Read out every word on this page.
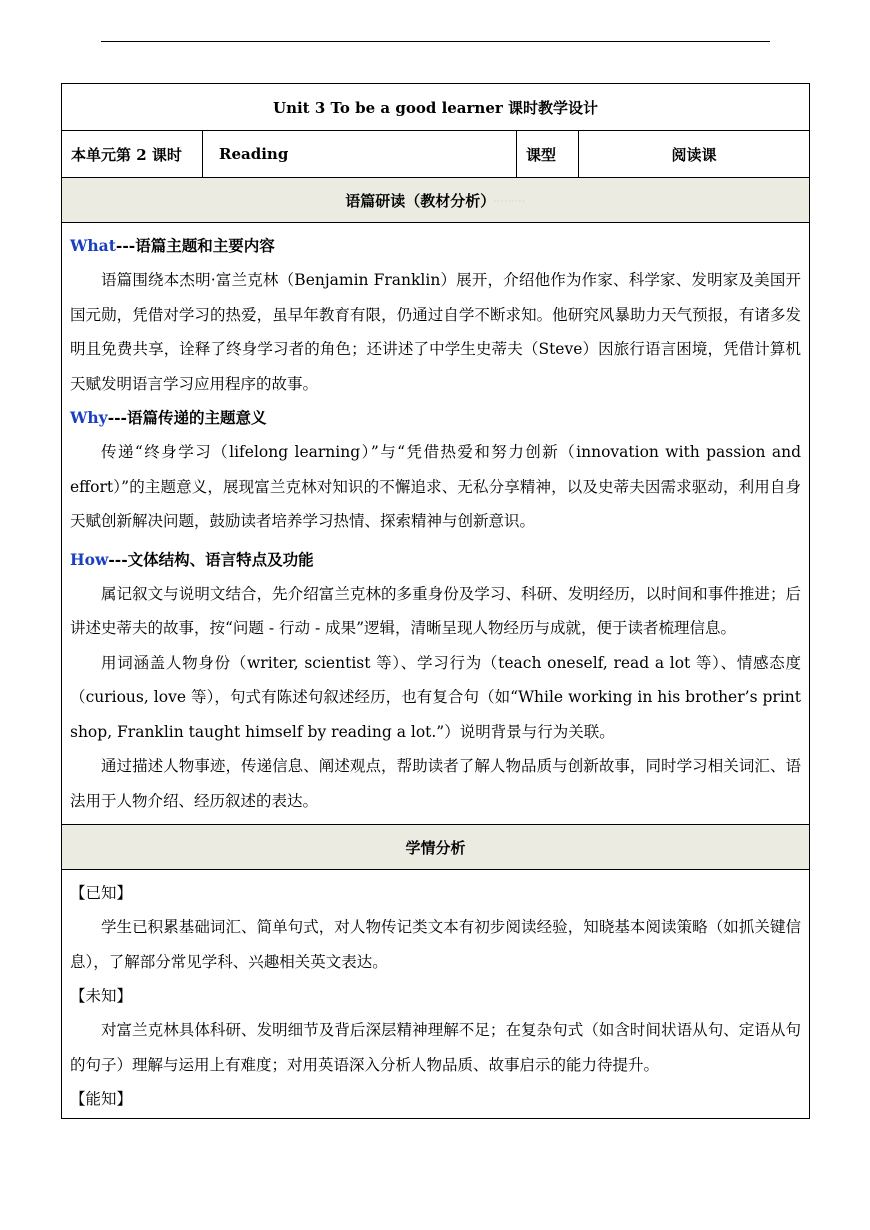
Unit 3 To be a good learner 课时教学设计
本单元第 2 课时	Reading	课型	阅读课
语篇研读（教材分析） ·········

What---语篇主题和主要内容

语篇围绕本杰明·富兰克林（Benjamin Franklin）展开，介绍他作为作家、科学家、发明家及美国开国元勋，凭借对学习的热爱，虽早年教育有限，仍通过自学不断求知。他研究风暴助力天气预报，有诸多发明且免费共享，诠释了终身学习者的角色；还讲述了中学生史蒂夫（Steve）因旅行语言困境，凭借计算机天赋发明语言学习应用程序的故事。

Why---语篇传递的主题意义

传递“终身学习（lifelong learning）”与“凭借热爱和努力创新（innovation with passion and effort）”的主题意义，展现富兰克林对知识的不懈追求、无私分享精神，以及史蒂夫因需求驱动，利用自身天赋创新解决问题，鼓励读者培养学习热情、探索精神与创新意识。

How---文体结构、语言特点及功能

属记叙文与说明文结合，先介绍富兰克林的多重身份及学习、科研、发明经历，以时间和事件推进；后讲述史蒂夫的故事，按“问题 - 行动 - 成果”逻辑，清晰呈现人物经历与成就，便于读者梳理信息。

用词涵盖人物身份（writer, scientist 等）、学习行为（teach oneself, read a lot 等）、情感态度（curious, love 等），句式有陈述句叙述经历，也有复合句（如“While working in his brother’s print shop, Franklin taught himself by reading a lot.”）说明背景与行为关联。

通过描述人物事迹，传递信息、阐述观点，帮助读者了解人物品质与创新故事，同时学习相关词汇、语法用于人物介绍、经历叙述的表达。

学情分析

【已知】

学生已积累基础词汇、简单句式，对人物传记类文本有初步阅读经验，知晓基本阅读策略（如抓关键信息），了解部分常见学科、兴趣相关英文表达。

【未知】

对富兰克林具体科研、发明细节及背后深层精神理解不足；在复杂句式（如含时间状语从句、定语从句的句子）理解与运用上有难度；对用英语深入分析人物品质、故事启示的能力待提升。

【能知】
